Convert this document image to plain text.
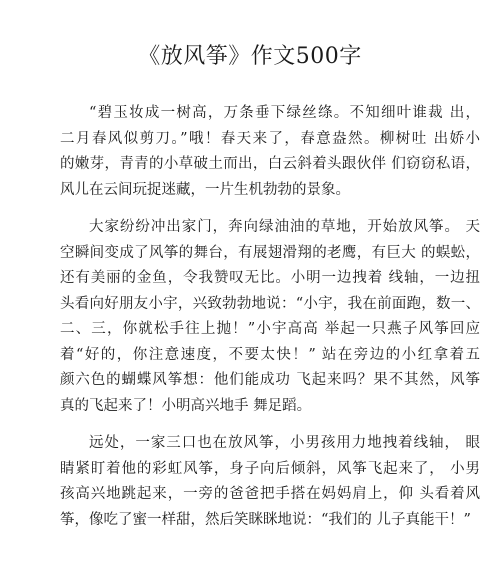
《放风筝》作文500字

“碧玉妆成一树高，万条垂下绿丝绦。不知细叶谁裁 出，
二月春风似剪刀。”哦！春天来了，春意盎然。柳树吐 出娇小
的嫩芽，青青的小草破土而出，白云斜着头跟伙伴 们窃窃私语，
风儿在云间玩捉迷藏，一片生机勃勃的景象。

大家纷纷冲出家门，奔向绿油油的草地，开始放风筝。 天
空瞬间变成了风筝的舞台，有展翅滑翔的老鹰，有巨大 的蜈蚣，
还有美丽的金鱼，令我赞叹无比。小明一边拽着 线轴，一边扭
头看向好朋友小宇，兴致勃勃地说：“小宇，我在前面跑，数一、
二、三，你就松手往上抛！”小宇高高 举起一只燕子风筝回应
着“好的，你注意速度，不要太快！” 站在旁边的小红拿着五
颜六色的蝴蝶风筝想：他们能成功 飞起来吗？果不其然，风筝
真的飞起来了！小明高兴地手 舞足蹈。

远处，一家三口也在放风筝，小男孩用力地拽着线轴， 眼
睛紧盯着他的彩虹风筝，身子向后倾斜，风筝飞起来了， 小男
孩高兴地跳起来，一旁的爸爸把手搭在妈妈肩上，仰 头看着风
筝，像吃了蜜一样甜，然后笑眯眯地说：“我们的 儿子真能干！”
